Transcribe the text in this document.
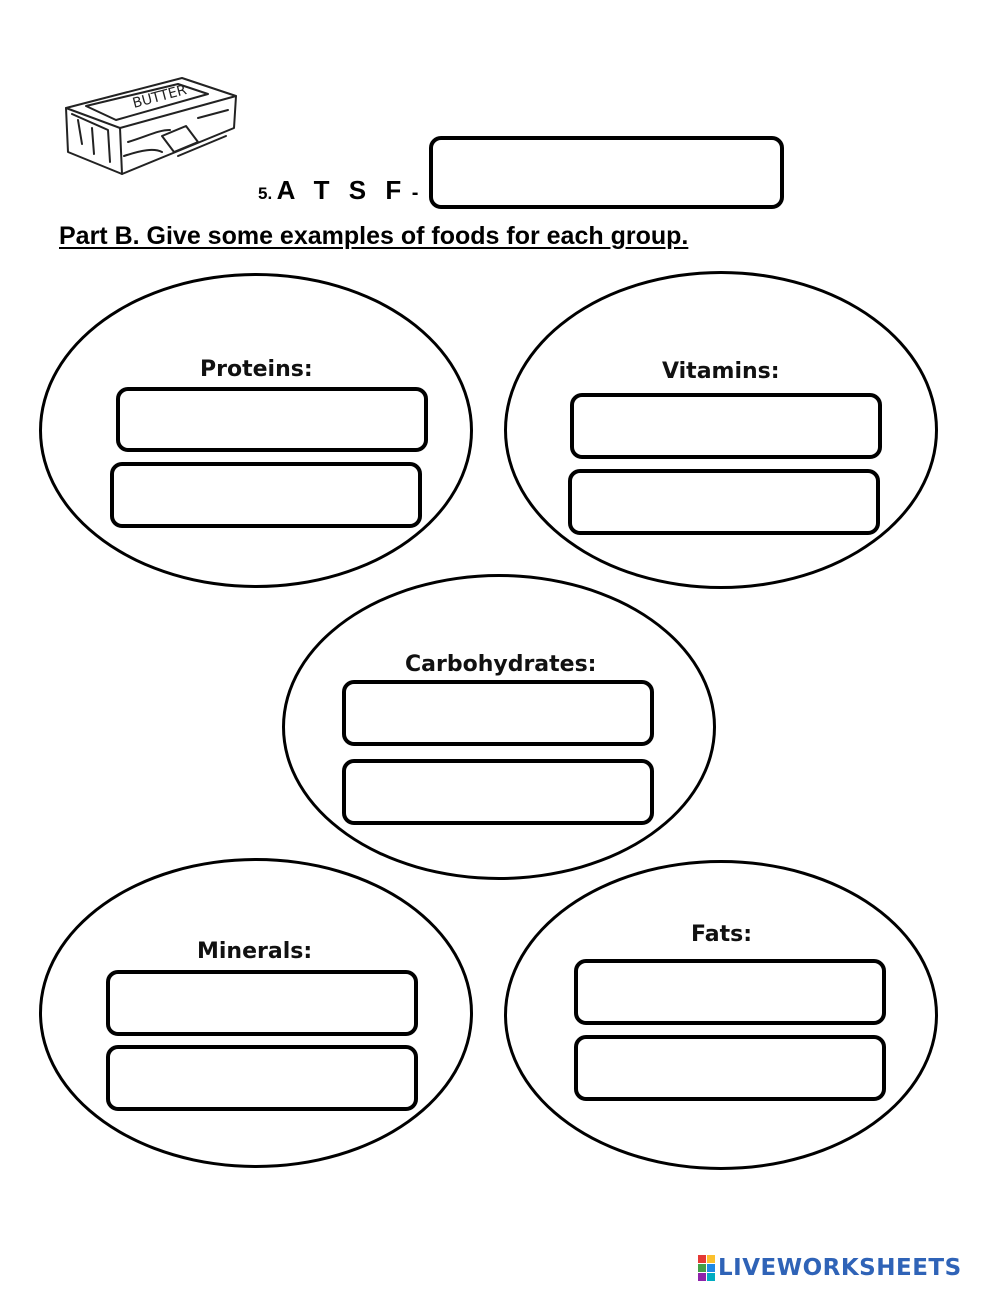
BUTTER
5. A T S F -
Part B. Give some examples of foods for each group.
Proteins:	Vitamins:
Carbohydrates:
Minerals:
Fats:
LIVEWORKSHEETS
